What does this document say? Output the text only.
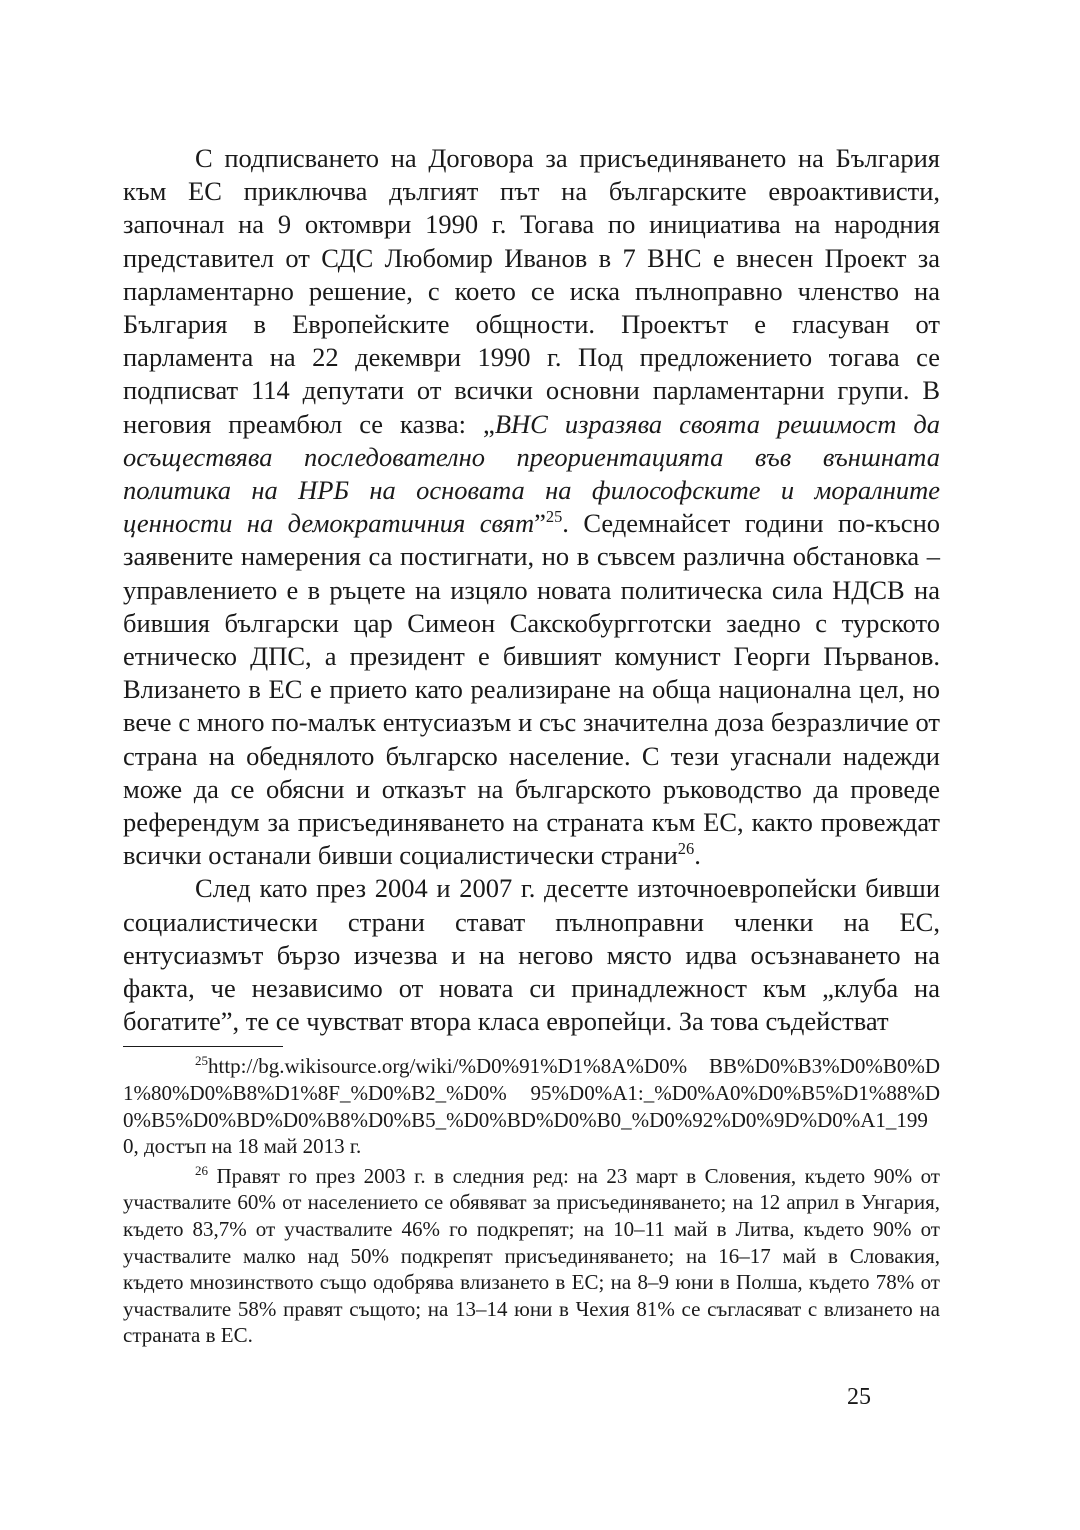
С подписването на Договора за присъединяването на България към ЕС приключва дългият път на българските евроактивисти, започнал на 9 октомври 1990 г. Тогава по инициатива на народния представител от СДС Любомир Иванов в 7 ВНС е внесен Проект за парламентарно решение, с което се иска пълноправно членство на България в Европейските общности. Проектът е гласуван от парламента на 22 декември 1990 г. Под предложението тогава се подписват 114 депутати от всички основни парламентарни групи. В неговия преамбюл се казва: „ВНС изразява своята решимост да осъществява последователно преориентацията във външната политика на НРБ на основата на философските и моралните ценности на демократичния свят”$^{25}$. Седемнайсет години по-късно заявените намерения са постигнати, но в съвсем различна обстановка – управлението е в ръцете на изцяло новата политическа сила НДСВ на бившия български цар Симеон Сакскобургготски заедно с турското етническо ДПС, а президент е бившият комунист Георги Първанов. Влизането в ЕС е прието като реализиране на обща национална цел, но вече с много по-малък ентусиазъм и със значителна доза безразличие от страна на обеднялото българско население. С тези угаснали надежди може да се обясни и отказът на българското ръководство да проведе референдум за присъединяването на страната към ЕС, както провеждат всички останали бивши социалистически страни$^{26}$.

След като през 2004 и 2007 г. десетте източноевропейски бивши социалистически страни стават пълноправни членки на ЕС, ентусиазмът бързо изчезва и на негово място идва осъзнаването на факта, че независимо от новата си принадлежност към „клуба на богатите”, те се чувстват втора класа европейци. За това съдействат

$^{25}$http://bg.wikisource.org/wiki/%D0%91%D1%8A%D0% BB%D0%B3%D0%B0%D1%80%D0%B8%D1%8F_%D0%B2_%D0% 95%D0%A1:_%D0%A0%D0%B5%D1%88%D 0%B5%D0%BD%D0%B8%D0%B5_%D0%BD%D0%B0_%D0%92%D0%9D%D0%A1_1990, достъп на 18 май 2013 г.

$^{26}$ Правят го през 2003 г. в следния ред: на 23 март в Словения, където 90% от участвалите 60% от населението се обявяват за присъединяването; на 12 април в Унгария, където 83,7% от участвалите 46% го подкрепят; на 10–11 май в Литва, където 90% от участвалите малко над 50% подкрепят присъединяването; на 16–17 май в Словакия, където мнозинството също одобрява влизането в ЕС; на 8–9 юни в Полша, където 78% от участвалите 58% правят същото; на 13–14 юни в Чехия 81% се съгласяват с влизането на страната в ЕС.

25
